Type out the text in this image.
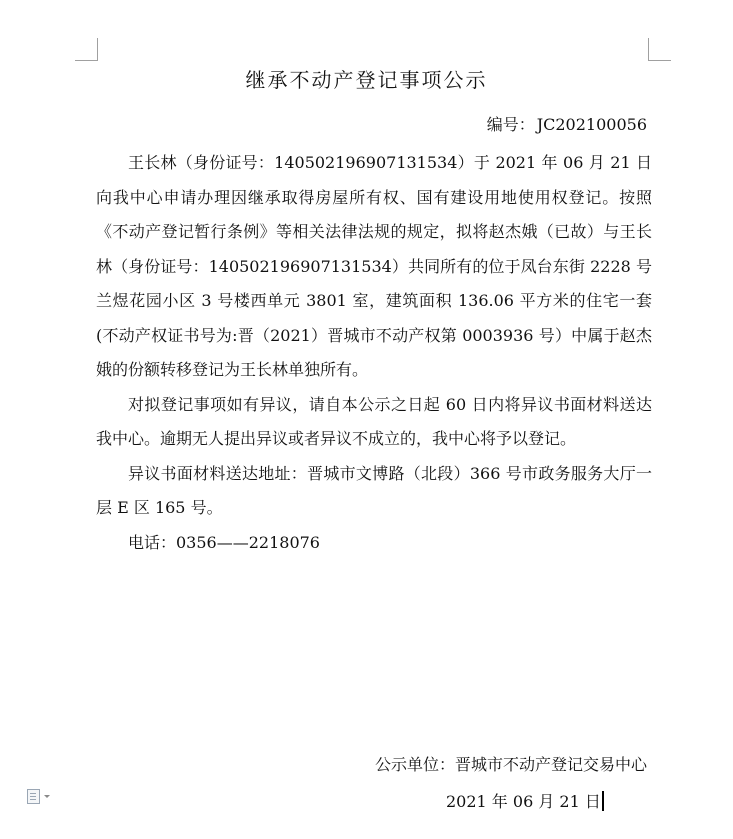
继承不动产登记事项公示
编号： JC202100056

王长林（身份证号：140502196907131534）于 2021 年 06 月 21 日向我中心申请办理因继承取得房屋所有权、国有建设用地使用权登记。按照《不动产登记暂行条例》等相关法律法规的规定，拟将赵杰娥（已故）与王长林（身份证号：140502196907131534）共同所有的位于凤台东街 2228 号兰煜花园小区 3 号楼西单元 3801 室，建筑面积 136.06 平方米的住宅一套(不动产权证书号为:晋（2021）晋城市不动产权第 0003936 号）中属于赵杰娥的份额转移登记为王长林单独所有。

对拟登记事项如有异议，请自本公示之日起 60 日内将异议书面材料送达我中心。逾期无人提出异议或者异议不成立的，我中心将予以登记。

异议书面材料送达地址：晋城市文博路（北段）366 号市政务服务大厅一层 E 区 165 号。

电话：0356——2218076

公示单位：晋城市不动产登记交易中心
2021 年 06 月 21 日
